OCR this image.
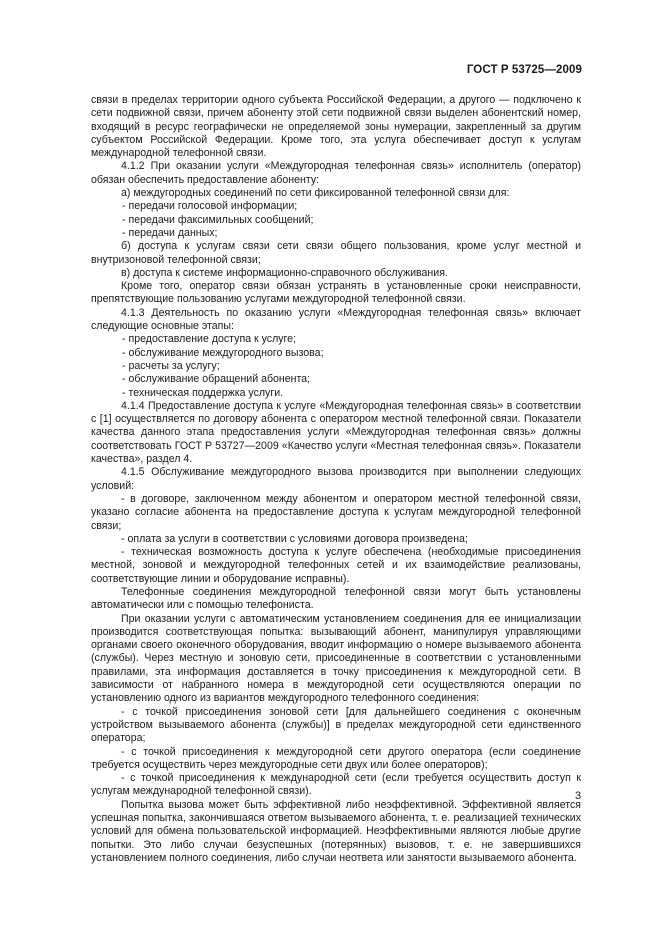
ГОСТ Р 53725—2009

связи в пределах территории одного субъекта Российской Федерации, а другого — подключено к сети подвижной связи, причем абоненту этой сети подвижной связи выделен абонентский номер, входящий в ресурс географически не определяемой зоны нумерации, закрепленный за другим субъектом Российской Федерации. Кроме того, эта услуга обеспечивает доступ к услугам международной телефонной связи.

4.1.2 При оказании услуги «Междугородная телефонная связь» исполнитель (оператор) обязан обеспечить предоставление абоненту:

а) междугородных соединений по сети фиксированной телефонной связи для:

- передачи голосовой информации;

- передачи факсимильных сообщений;

- передачи данных;

б) доступа к услугам связи сети связи общего пользования, кроме услуг местной и внутризоновой телефонной связи;

в) доступа к системе информационно-справочного обслуживания.

Кроме того, оператор связи обязан устранять в установленные сроки неисправности, препятствующие пользованию услугами междугородной телефонной связи.

4.1.3 Деятельность по оказанию услуги «Междугородная телефонная связь» включает следующие основные этапы:

- предоставление доступа к услуге;

- обслуживание междугородного вызова;

- расчеты за услугу;

- обслуживание обращений абонента;

- техническая поддержка услуги.

4.1.4 Предоставление доступа к услуге «Междугородная телефонная связь» в соответствии с [1] осуществляется по договору абонента с оператором местной телефонной связи. Показатели качества данного этапа предоставления услуги «Междугородная телефонная связь» должны соответствовать ГОСТ Р 53727—2009 «Качество услуги «Местная телефонная связь». Показатели качества», раздел 4.

4.1.5 Обслуживание междугородного вызова производится при выполнении следующих условий:

- в договоре, заключенном между абонентом и оператором местной телефонной связи, указано согласие абонента на предоставление доступа к услугам междугородной телефонной связи;

- оплата за услуги в соответствии с условиями договора произведена;

- техническая возможность доступа к услуге обеспечена (необходимые присоединения местной, зоновой и междугородной телефонных сетей и их взаимодействие реализованы, соответствующие линии и оборудование исправны).

Телефонные соединения междугородной телефонной связи могут быть установлены автоматически или с помощью телефониста.

При оказании услуги с автоматическим установлением соединения для ее инициализации производится соответствующая попытка: вызывающий абонент, манипулируя управляющими органами своего оконечного оборудования, вводит информацию о номере вызываемого абонента (службы). Через местную и зоновую сети, присоединенные в соответствии с установленными правилами, эта информация доставляется в точку присоединения к междугородной сети. В зависимости от набранного номера в междугородной сети осуществляются операции по установлению одного из вариантов междугородного телефонного соединения:

- с точкой присоединения зоновой сети [для дальнейшего соединения с оконечным устройством вызываемого абонента (службы)] в пределах междугородной сети единственного оператора;

- с точкой присоединения к междугородной сети другого оператора (если соединение требуется осуществить через междугородные сети двух или более операторов);

- с точкой присоединения к международной сети (если требуется осуществить доступ к услугам международной телефонной связи).

Попытка вызова может быть эффективной либо неэффективной. Эффективной является успешная попытка, закончившаяся ответом вызываемого абонента, т. е. реализацией технических условий для обмена пользовательской информацией. Неэффективными являются любые другие попытки. Это либо случаи безуспешных (потерянных) вызовов, т. е. не завершившихся установлением полного соединения, либо случаи неответа или занятости вызываемого абонента.

3
